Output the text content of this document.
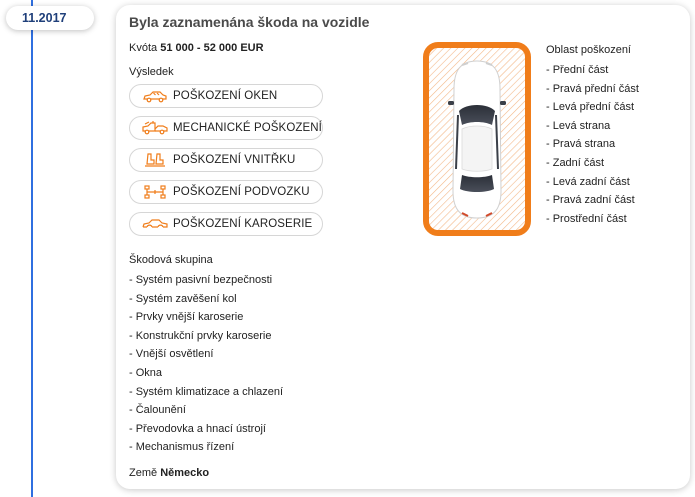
11.2017	Byla zaznamenána škoda na vozidle
Kvóta 51 000 - 52 000 EUR
Výsledek
POŠKOZENÍ OKEN
MECHANICKÉ POŠKOZENÍ
POŠKOZENÍ VNITŘKU
POŠKOZENÍ PODVOZKU
POŠKOZENÍ KAROSERIE
Škodová skupina
- Systém pasivní bezpečnosti
- Systém zavěšení kol
- Prvky vnější karoserie
- Konstrukční prvky karoserie
- Vnější osvětlení
- Okna
- Systém klimatizace a chlazení
- Čalounění
- Převodovka a hnací ústrojí
- Mechanismus řízení
Země Německo
Oblast poškození
- Přední část
- Pravá přední část
- Levá přední část
- Levá strana
- Pravá strana
- Zadní část
- Levá zadní část
- Pravá zadní část
- Prostřední část
